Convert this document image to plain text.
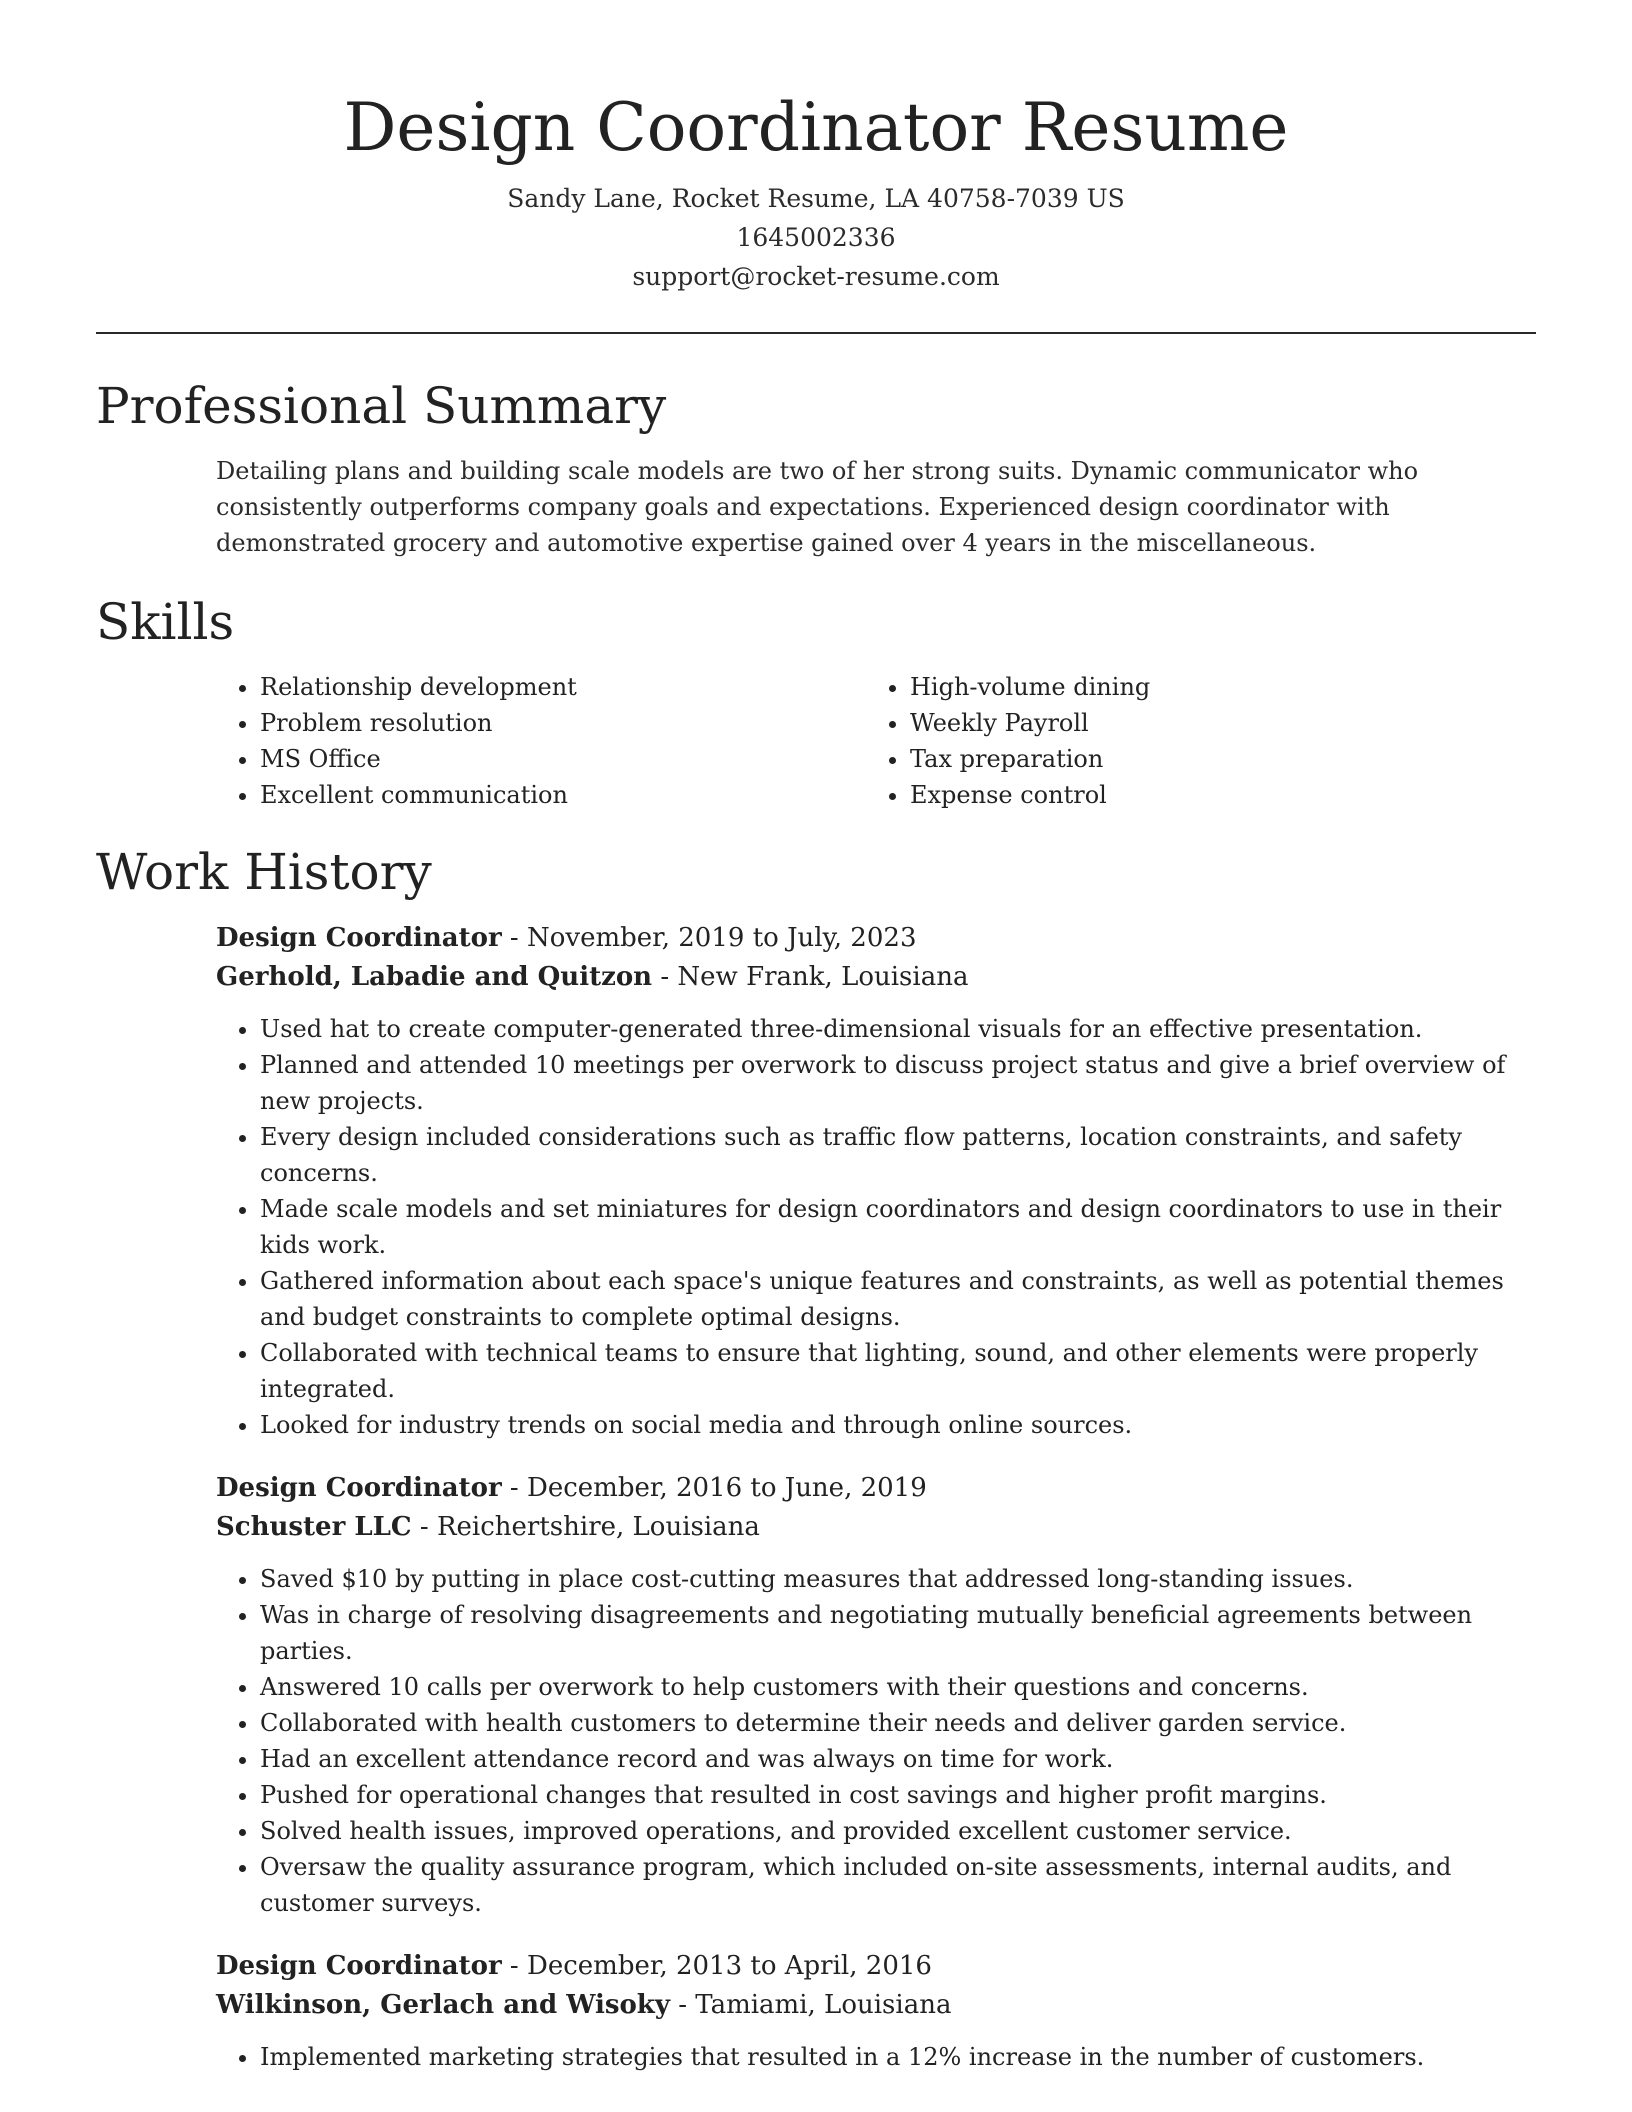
Design Coordinator Resume
Sandy Lane, Rocket Resume, LA 40758-7039 US
1645002336
support@rocket-resume.com
Professional Summary

Detailing plans and building scale models are two of her strong suits. Dynamic communicator who consistently outperforms company goals and expectations. Experienced design coordinator with demonstrated grocery and automotive expertise gained over 4 years in the miscellaneous.

Skills
• Relationship development
• Problem resolution
• MS Office
• Excellent communication
• High-volume dining
• Weekly Payroll
• Tax preparation
• Expense control
Work History
Design Coordinator - November, 2019 to July, 2023
Gerhold, Labadie and Quitzon - New Frank, Louisiana
• Used hat to create computer-generated three-dimensional visuals for an effective presentation.
• Planned and attended 10 meetings per overwork to discuss project status and give a brief overview of new projects.
• Every design included considerations such as traffic flow patterns, location constraints, and safety concerns.
• Made scale models and set miniatures for design coordinators and design coordinators to use in their kids work.
• Gathered information about each space's unique features and constraints, as well as potential themes and budget constraints to complete optimal designs.
• Collaborated with technical teams to ensure that lighting, sound, and other elements were properly integrated.
• Looked for industry trends on social media and through online sources.
Design Coordinator - December, 2016 to June, 2019
Schuster LLC - Reichertshire, Louisiana
• Saved $10 by putting in place cost-cutting measures that addressed long-standing issues.
• Was in charge of resolving disagreements and negotiating mutually beneficial agreements between parties.
• Answered 10 calls per overwork to help customers with their questions and concerns.
• Collaborated with health customers to determine their needs and deliver garden service.
• Had an excellent attendance record and was always on time for work.
• Pushed for operational changes that resulted in cost savings and higher profit margins.
• Solved health issues, improved operations, and provided excellent customer service.
• Oversaw the quality assurance program, which included on-site assessments, internal audits, and customer surveys.
Design Coordinator - December, 2013 to April, 2016
Wilkinson, Gerlach and Wisoky - Tamiami, Louisiana
• Implemented marketing strategies that resulted in a 12% increase in the number of customers.
